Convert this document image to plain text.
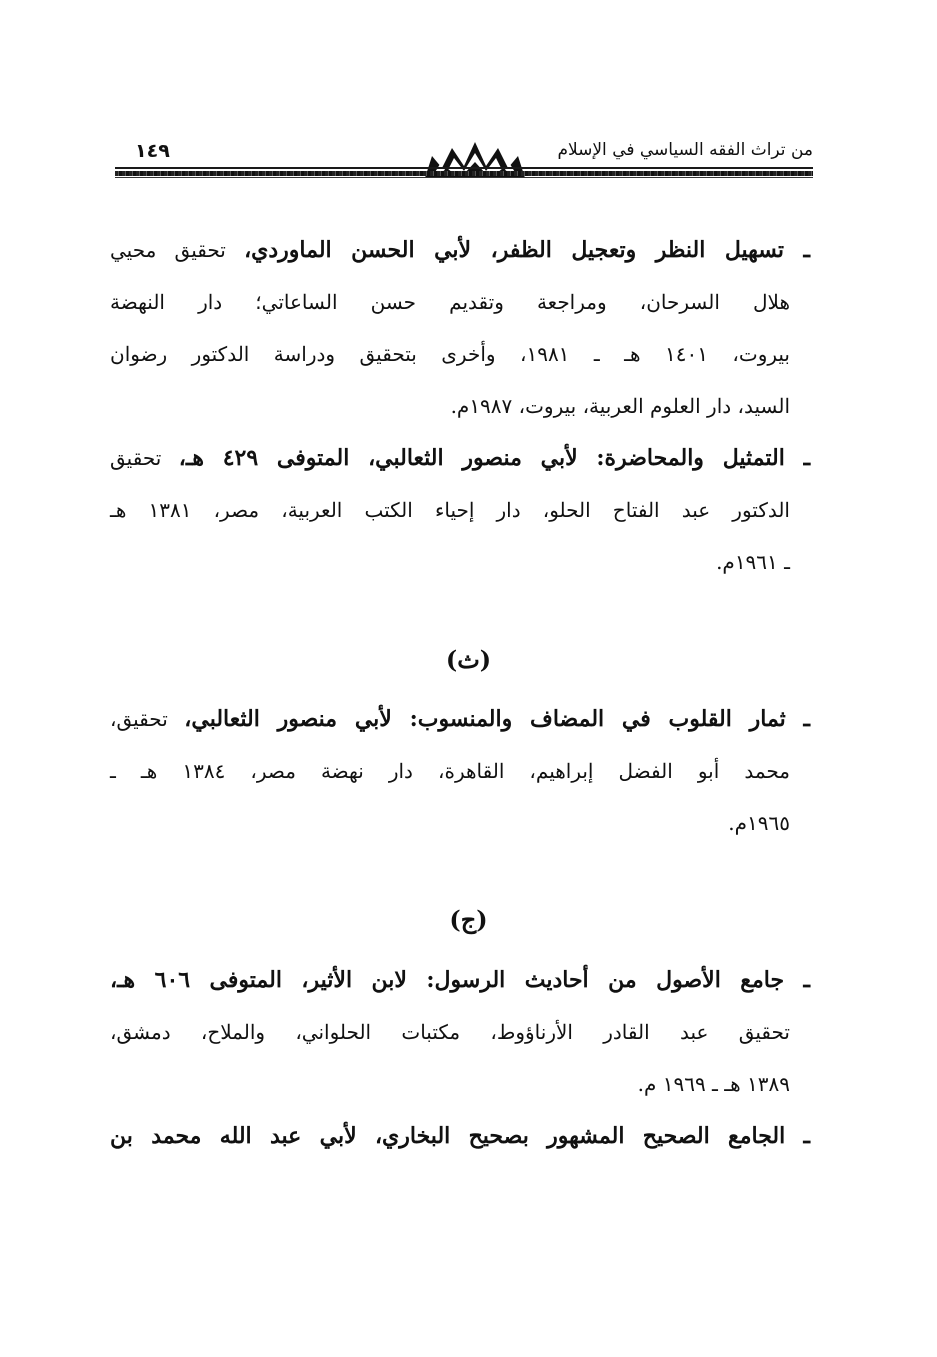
من تراث الفقه السياسي في الإسلام
١٤٩
ـ تسهيل النظر وتعجيل الظفر، لأبي الحسن الماوردي، تحقيق محيي
هلال السرحان، ومراجعة وتقديم حسن الساعاتي؛ دار النهضة
بيروت، ١٤٠١ هـ ـ ١٩٨١، وأخرى بتحقيق ودراسة الدكتور رضوان
السيد، دار العلوم العربية، بيروت، ١٩٨٧م.
ـ التمثيل والمحاضرة: لأبي منصور الثعالبي، المتوفى ٤٢٩ هـ، تحقيق
الدكتور عبد الفتاح الحلو، دار إحياء الكتب العربية، مصر، ١٣٨١ هـ
ـ ١٩٦١م.
(ث)
ـ ثمار القلوب في المضاف والمنسوب: لأبي منصور الثعالبي، تحقيق،
محمد أبو الفضل إبراهيم، القاهرة، دار نهضة مصر، ١٣٨٤ هـ ـ
١٩٦٥م.
(ج)
ـ جامع الأصول من أحاديث الرسول: لابن الأثير، المتوفى ٦٠٦ هـ،
تحقيق عبد القادر الأرناؤوط، مكتبات الحلواني، والملاح، دمشق،
١٣٨٩ هـ ـ ١٩٦٩ م.
ـ الجامع الصحيح المشهور بصحيح البخاري، لأبي عبد الله محمد بن
